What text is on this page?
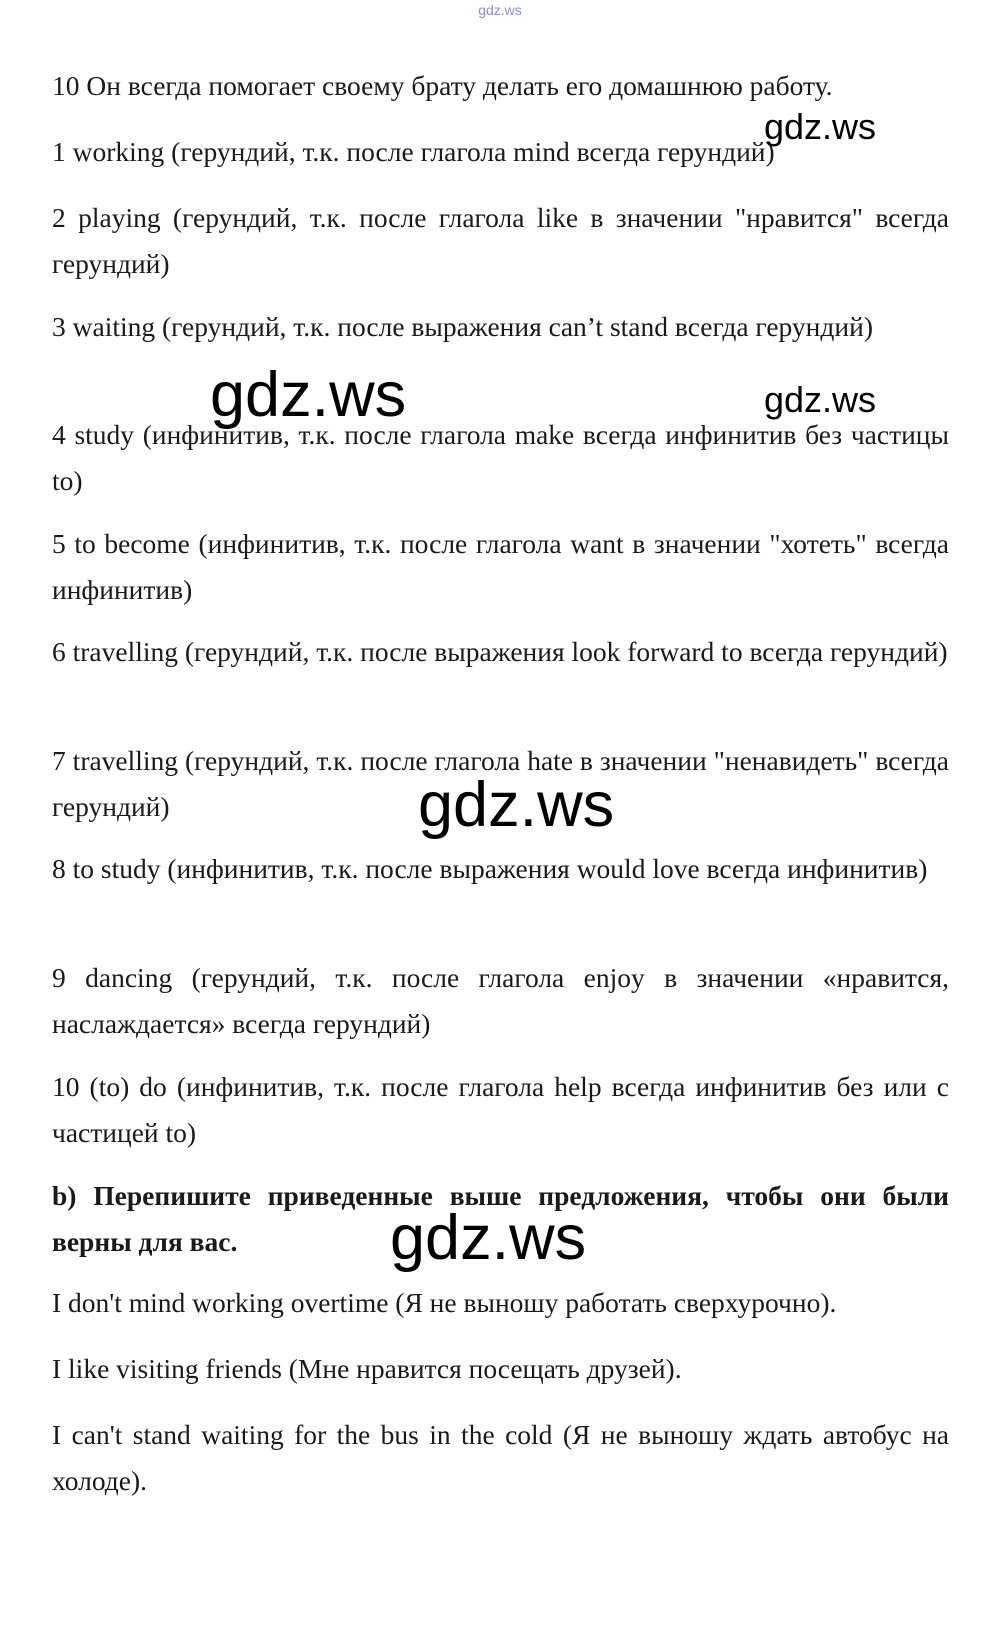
gdz.ws

10 Он всегда помогает своему брату делать его домашнюю работу.

1 working (герундий, т.к. после глагола mind всегда герундий)

2 playing (герундий, т.к. после глагола like в значении "нравится" всегда герундий)

3 waiting (герундий, т.к. после выражения can’t stand всегда герундий)

4 study (инфинитив, т.к. после глагола make всегда инфинитив без частицы to)

5 to become (инфинитив, т.к. после глагола want в значении "хотеть" всегда инфинитив)

6 travelling (герундий, т.к. после выражения look forward to всегда герундий)

7 travelling (герундий, т.к. после глагола hate в значении "ненавидеть" всегда герундий)

8 to study (инфинитив, т.к. после выражения would love всегда инфинитив)

9 dancing (герундий, т.к. после глагола enjoy в значении «нравится, наслаждается» всегда герундий)

10 (to) do (инфинитив, т.к. после глагола help всегда инфинитив без или с частицей to)

b) Перепишите приведенные выше предложения, чтобы они были верны для вас.

I don't mind working overtime (Я не выношу работать сверхурочно).

I like visiting friends (Мне нравится посещать друзей).

I can't stand waiting for the bus in the cold (Я не выношу ждать автобус на холоде).

gdz.ws
gdz.ws	gdz.ws
gdz.ws
gdz.ws
